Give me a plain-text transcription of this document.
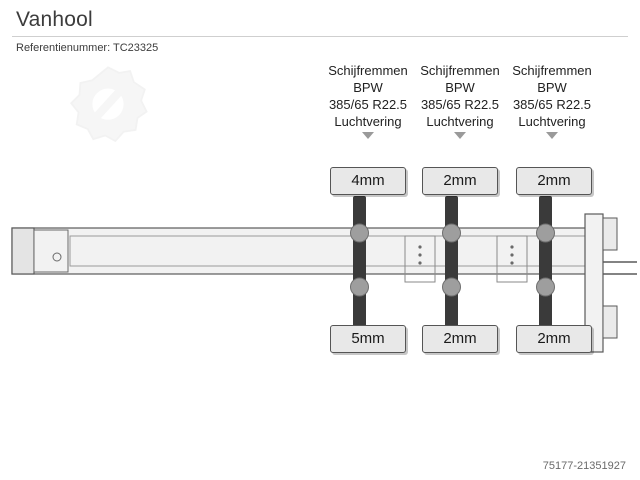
Vanhool
Referentienummer: TC23325
Schijfremmen
BPW
385/65 R22.5
Luchtvering
Schijfremmen
BPW
385/65 R22.5
Luchtvering
Schijfremmen
BPW
385/65 R22.5
Luchtvering
4mm	2mm	2mm
5mm	2mm	2mm
75177-21351927
